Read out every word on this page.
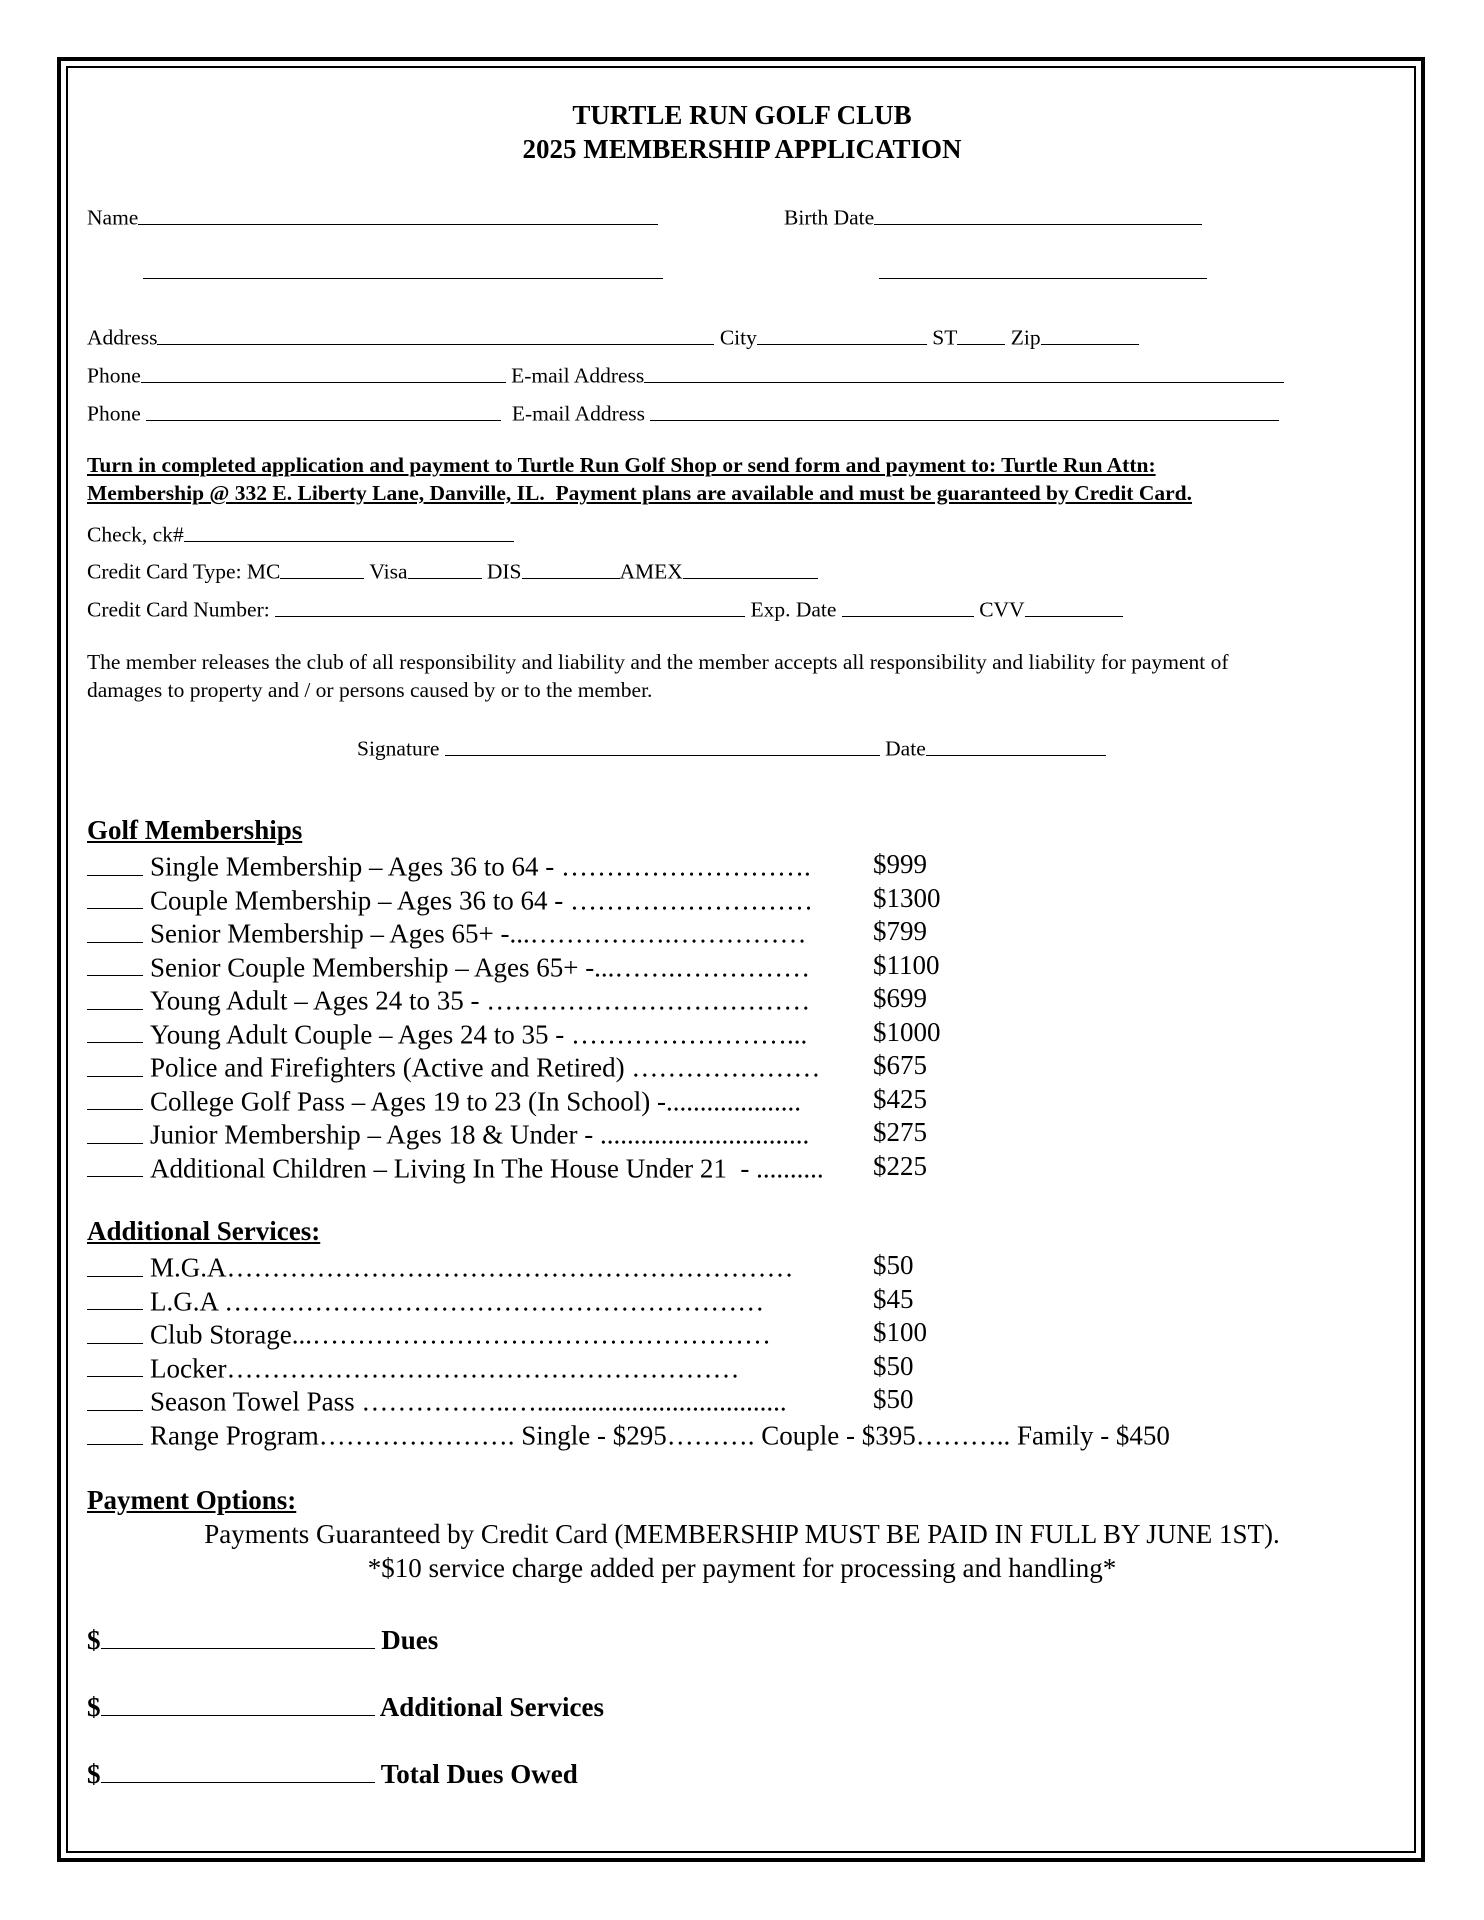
TURTLE RUN GOLF CLUB
2025 MEMBERSHIP APPLICATION
Name	Birth Date
Address	City	ST Zip
Phone	E-mail Address
Phone	E-mail Address
Turn in completed application and payment to Turtle Run Golf Shop or send form and payment to: Turtle Run Attn:
Membership @ 332 E. Liberty Lane, Danville, IL.  Payment plans are available and must be guaranteed by Credit Card.
Check, ck#
Credit Card Type: MC	Visa	DIS	AMEX
Credit Card Number:	Exp. Date	CVV
The member releases the club of all responsibility and liability and the member accepts all responsibility and liability for payment of
damages to property and / or persons caused by or to the member.
Signature	Date
Golf Memberships
Single Membership – Ages 36 to 64 - ………………………. $999
Couple Membership – Ages 36 to 64 - ……………………… $1300
Senior Membership – Ages 65+ -...…………….…………… $799
Senior Couple Membership – Ages 65+ -...…….…………… $1100
Young Adult – Ages 24 to 35 - ……………………………… $699
Young Adult Couple – Ages 24 to 35 - ……………………... $1000
Police and Firefighters (Active and Retired) ………………… $675
College Golf Pass – Ages 19 to 23 (In School) -....................	$425
Junior Membership – Ages 18 & Under - ............................... $275
Additional Children – Living In The House Under 21  - .......... $225
Additional Services:
M.G.A………………………………………………………	$50
L.G.A ……………………………………………………	$45
Club Storage...……………………………………………	$100
Locker…………………………………………………	$50
Season Towel Pass ……………..….....................................	$50
Range Program…………………. Single - $295………. Couple - $395……….. Family - $450
Payment Options:
Payments Guaranteed by Credit Card (MEMBERSHIP MUST BE PAID IN FULL BY JUNE 1ST).
*$10 service charge added per payment for processing and handling*
$	Dues
$	Additional Services
$	Total Dues Owed
